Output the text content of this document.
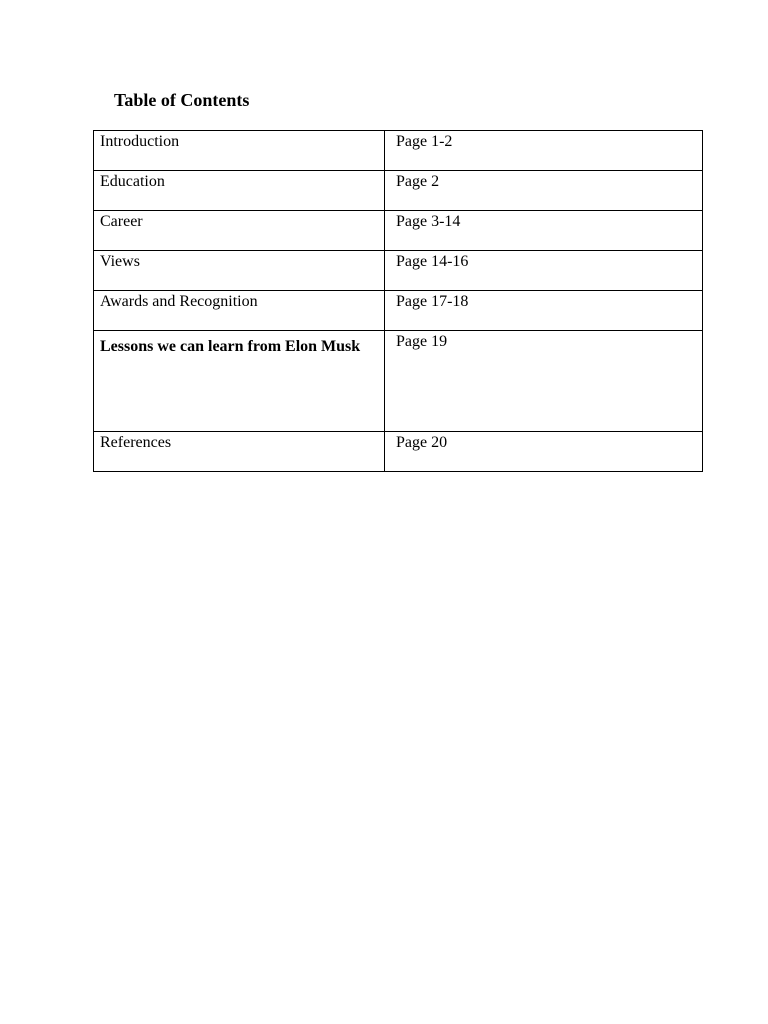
Table of Contents
Introduction	Page 1-2
Education	Page 2
Career	Page 3-14
Views	Page 14-16
Awards and Recognition	Page 17-18
Lessons we can learn from Elon Musk	Page 19
References	Page 20
